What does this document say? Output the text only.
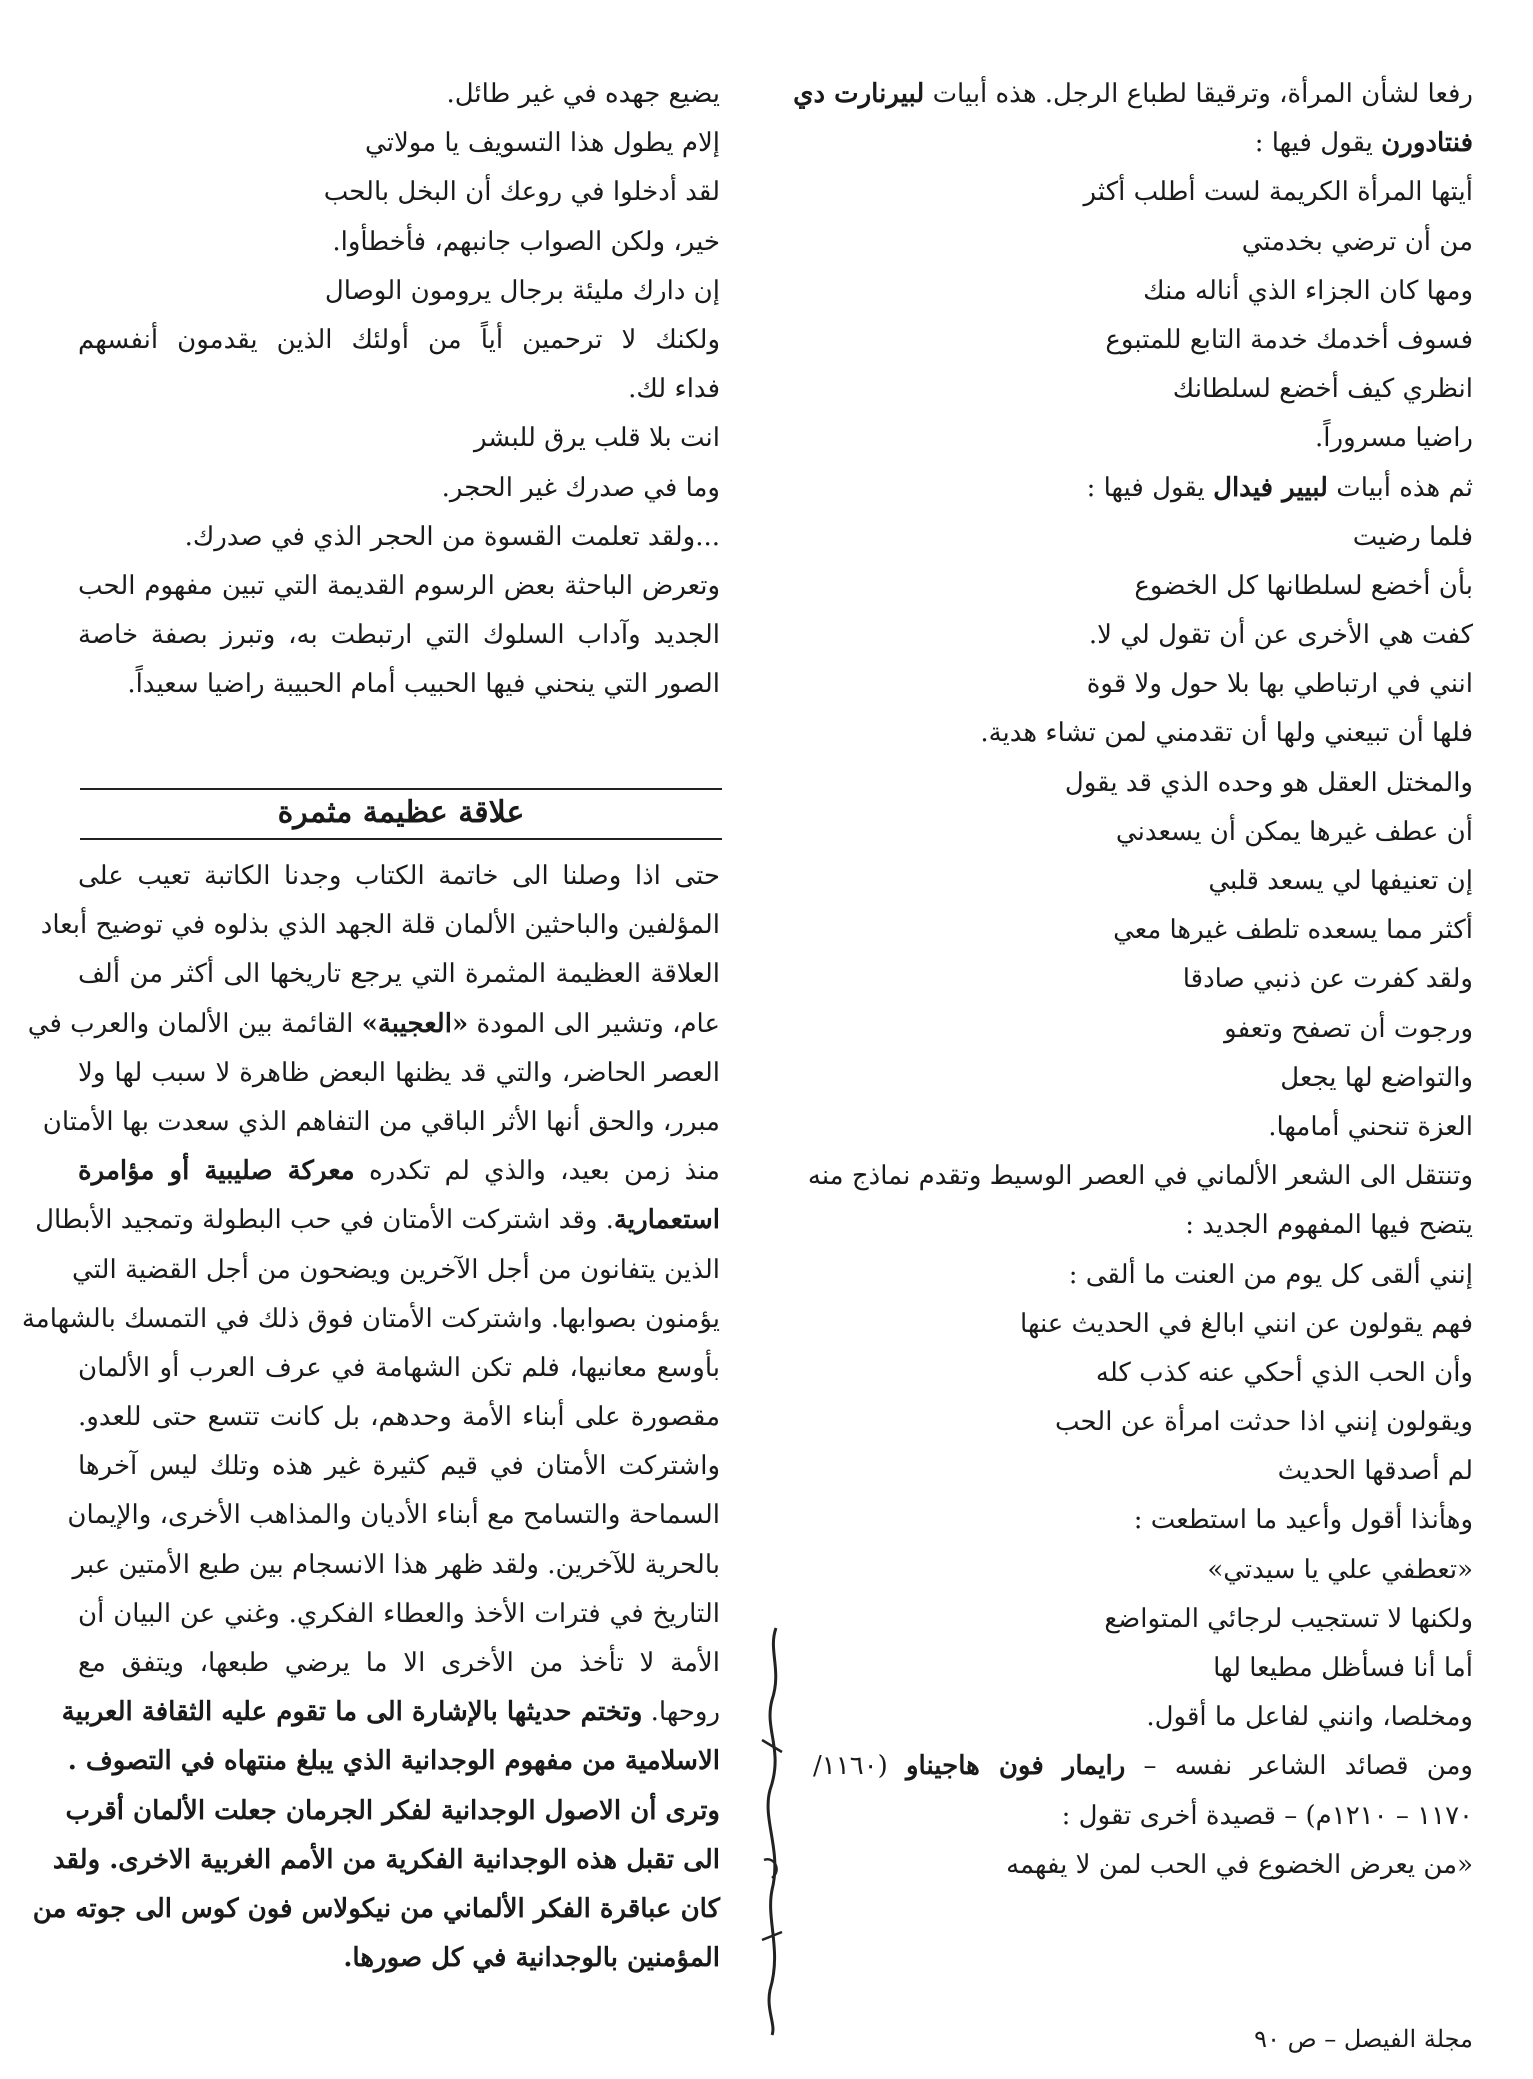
رفعا لشأن المرأة، وترقيقا لطباع الرجل. هذه أبيات لبيرنارت دي
فنتادورن يقول فيها :
أيتها المرأة الكريمة لست أطلب أكثر
من أن ترضي بخدمتي
ومها كان الجزاء الذي أناله منك
فسوف أخدمك خدمة التابع للمتبوع
انظري كيف أخضع لسلطانك
راضيا مسروراً.
ثم هذه أبيات لبيير فيدال يقول فيها :
فلما رضيت
بأن أخضع لسلطانها كل الخضوع
كفت هي الأخرى عن أن تقول لي لا.
انني في ارتباطي بها بلا حول ولا قوة
فلها أن تبيعني ولها أن تقدمني لمن تشاء هدية.
والمختل العقل هو وحده الذي قد يقول
أن عطف غيرها يمكن أن يسعدني
إن تعنيفها لي يسعد قلبي
أكثر مما يسعده تلطف غيرها معي
ولقد كفرت عن ذنبي صادقا
ورجوت أن تصفح وتعفو
والتواضع لها يجعل
العزة تنحني أمامها.
وتنتقل الى الشعر الألماني في العصر الوسيط وتقدم نماذج منه
يتضح فيها المفهوم الجديد :
إنني ألقى كل يوم من العنت ما ألقى :
فهم يقولون عن انني ابالغ في الحديث عنها
وأن الحب الذي أحكي عنه كذب كله
ويقولون إنني اذا حدثت امرأة عن الحب
لم أصدقها الحديث
وهأنذا أقول وأعيد ما استطعت :
«تعطفي علي يا سيدتي»
ولكنها لا تستجيب لرجائي المتواضع
أما أنا فسأظل مطيعا لها
ومخلصا، وانني لفاعل ما أقول.
ومن قصائد الشاعر نفسه – رايمار فون هاجيناو (١١٦٠/
١١٧٠ – ١٢١٠م) – قصيدة أخرى تقول :
«من يعرض الخضوع في الحب لمن لا يفهمه
يضيع جهده في غير طائل.
إلام يطول هذا التسويف يا مولاتي
لقد أدخلوا في روعك أن البخل بالحب
خير، ولكن الصواب جانبهم، فأخطأوا.
إن دارك مليئة برجال يرومون الوصال
ولكنك لا ترحمين أياً من أولئك الذين يقدمون أنفسهم
فداء لك.
انت بلا قلب يرق للبشر
وما في صدرك غير الحجر.
...ولقد تعلمت القسوة من الحجر الذي في صدرك.
وتعرض الباحثة بعض الرسوم القديمة التي تبين مفهوم الحب
الجديد وآداب السلوك التي ارتبطت به، وتبرز بصفة خاصة
الصور التي ينحني فيها الحبيب أمام الحبيبة راضيا سعيداً.
علاقة عظيمة مثمرة
حتى اذا وصلنا الى خاتمة الكتاب وجدنا الكاتبة تعيب على
المؤلفين والباحثين الألمان قلة الجهد الذي بذلوه في توضيح أبعاد
العلاقة العظيمة المثمرة التي يرجع تاريخها الى أكثر من ألف
عام، وتشير الى المودة «العجيبة» القائمة بين الألمان والعرب في
العصر الحاضر، والتي قد يظنها البعض ظاهرة لا سبب لها ولا
مبرر، والحق أنها الأثر الباقي من التفاهم الذي سعدت بها الأمتان
منذ زمن بعيد، والذي لم تكدره معركة صليبية أو مؤامرة
استعمارية. وقد اشتركت الأمتان في حب البطولة وتمجيد الأبطال
الذين يتفانون من أجل الآخرين ويضحون من أجل القضية التي
يؤمنون بصوابها. واشتركت الأمتان فوق ذلك في التمسك بالشهامة
بأوسع معانيها، فلم تكن الشهامة في عرف العرب أو الألمان
مقصورة على أبناء الأمة وحدهم، بل كانت تتسع حتى للعدو.
واشتركت الأمتان في قيم كثيرة غير هذه وتلك ليس آخرها
السماحة والتسامح مع أبناء الأديان والمذاهب الأخرى، والإيمان
بالحرية للآخرين. ولقد ظهر هذا الانسجام بين طبع الأمتين عبر
التاريخ في فترات الأخذ والعطاء الفكري. وغني عن البيان أن
الأمة لا تأخذ من الأخرى الا ما يرضي طبعها، ويتفق مع
روحها. وتختم حديثها بالإشارة الى ما تقوم عليه الثقافة العربية
الاسلامية من مفهوم الوجدانية الذي يبلغ منتهاه في التصوف .
وترى أن الاصول الوجدانية لفكر الجرمان جعلت الألمان أقرب
الى تقبل هذه الوجدانية الفكرية من الأمم الغربية الاخرى. ولقد
كان عباقرة الفكر الألماني من نيكولاس فون كوس الى جوته من
المؤمنين بالوجدانية في كل صورها.
مجلة الفيصل – ص ٩٠
